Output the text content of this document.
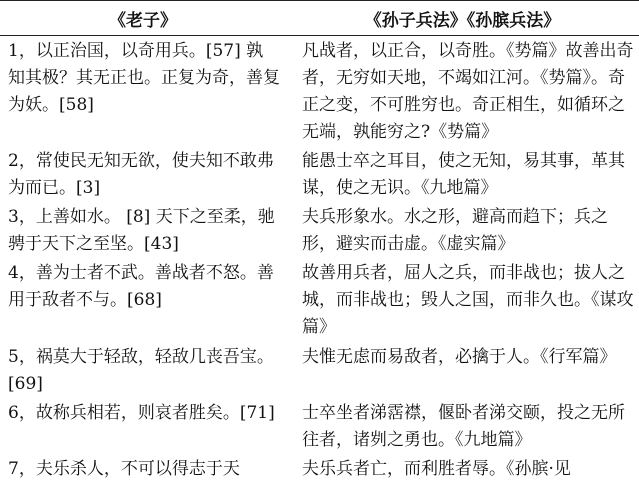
《老子》	《孙子兵法》《孙膑兵法》
1，以正治国，以奇用兵。[57] 孰知其极？其无正也。正复为奇，善复为妖。[58]	凡战者，以正合，以奇胜。《势篇》故善出奇者，无穷如天地，不竭如江河。《势篇》。奇正之变，不可胜穷也。奇正相生，如循环之无端，孰能穷之?《势篇》
2，常使民无知无欲，使夫知不敢弗为而已。[3]	能愚士卒之耳目，使之无知，易其事，革其谋，使之无识。《九地篇》
3，上善如水。 [8] 天下之至柔，驰骋于天下之至坚。[43]	夫兵形象水。水之形，避高而趋下；兵之形，避实而击虚。《虚实篇》
4，善为士者不武。善战者不怒。善用于敌者不与。[68]	故善用兵者，屈人之兵，而非战也；拔人之城，而非战也；毁人之国，而非久也。《谋攻篇》
5，祸莫大于轻敌，轻敌几丧吾宝。[69]	夫惟无虑而易敌者，必擒于人。《行军篇》
6，故称兵相若，则哀者胜矣。[71]	士卒坐者涕霑襟，偃卧者涕交颐，投之无所往者，诸刿之勇也。《九地篇》
7，夫乐杀人，不可以得志于天	夫乐兵者亡，而利胜者辱。《孙膑·见
